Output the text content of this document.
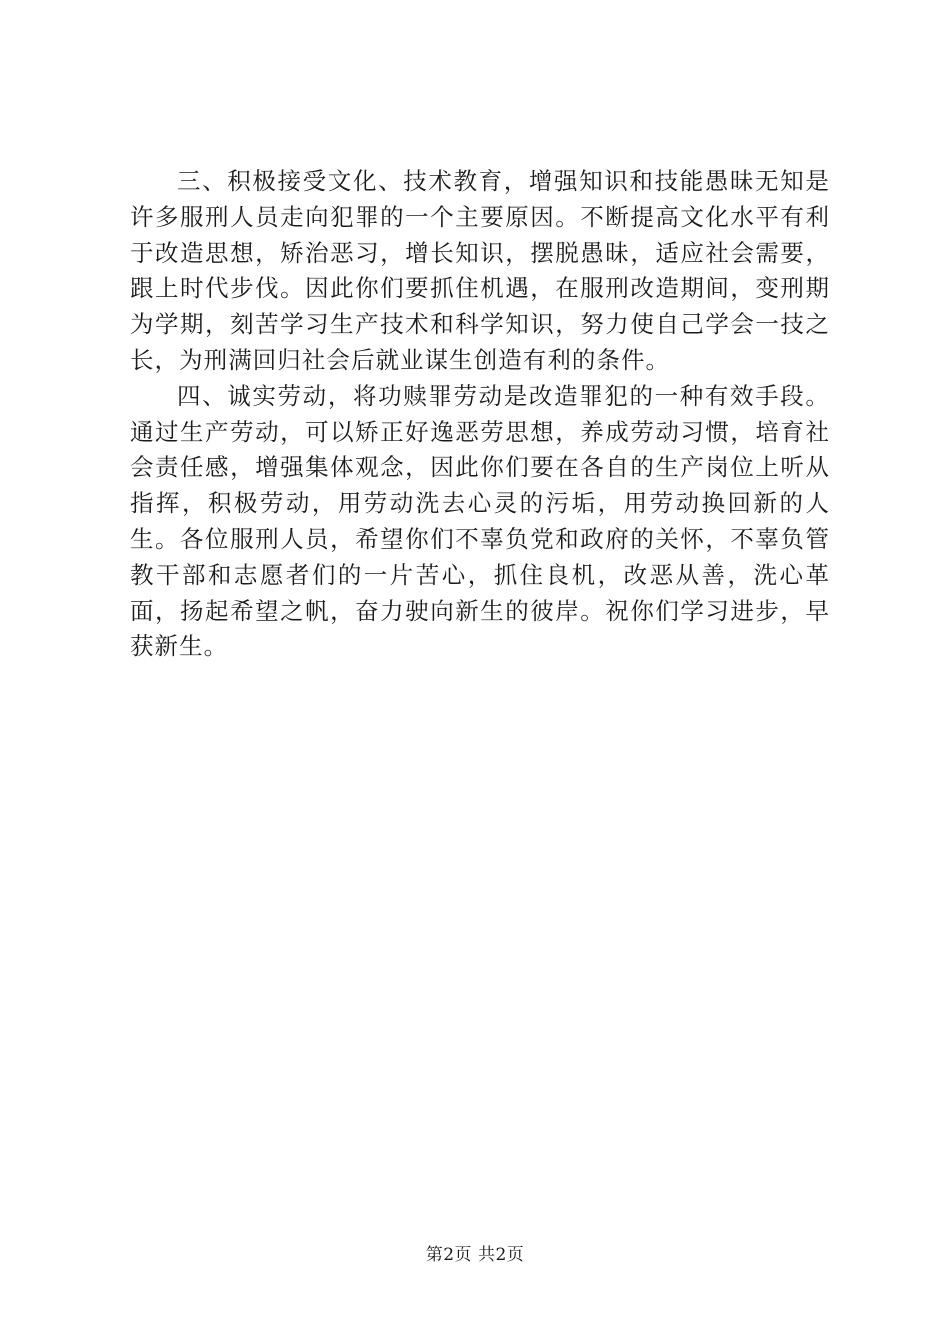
三、积极接受文化、技术教育，增强知识和技能愚昧无知是许多服刑人员走向犯罪的一个主要原因。不断提高文化水平有利于改造思想，矫治恶习，增长知识，摆脱愚昧，适应社会需要，跟上时代步伐。因此你们要抓住机遇，在服刑改造期间，变刑期为学期，刻苦学习生产技术和科学知识，努力使自己学会一技之长，为刑满回归社会后就业谋生创造有利的条件。

四、诚实劳动，将功赎罪劳动是改造罪犯的一种有效手段。通过生产劳动，可以矫正好逸恶劳思想，养成劳动习惯，培育社会责任感，增强集体观念，因此你们要在各自的生产岗位上听从指挥，积极劳动，用劳动洗去心灵的污垢，用劳动换回新的人生。各位服刑人员，希望你们不辜负党和政府的关怀，不辜负管教干部和志愿者们的一片苦心，抓住良机，改恶从善，洗心革面，扬起希望之帆，奋力驶向新生的彼岸。祝你们学习进步，早获新生。

第2页 共2页
